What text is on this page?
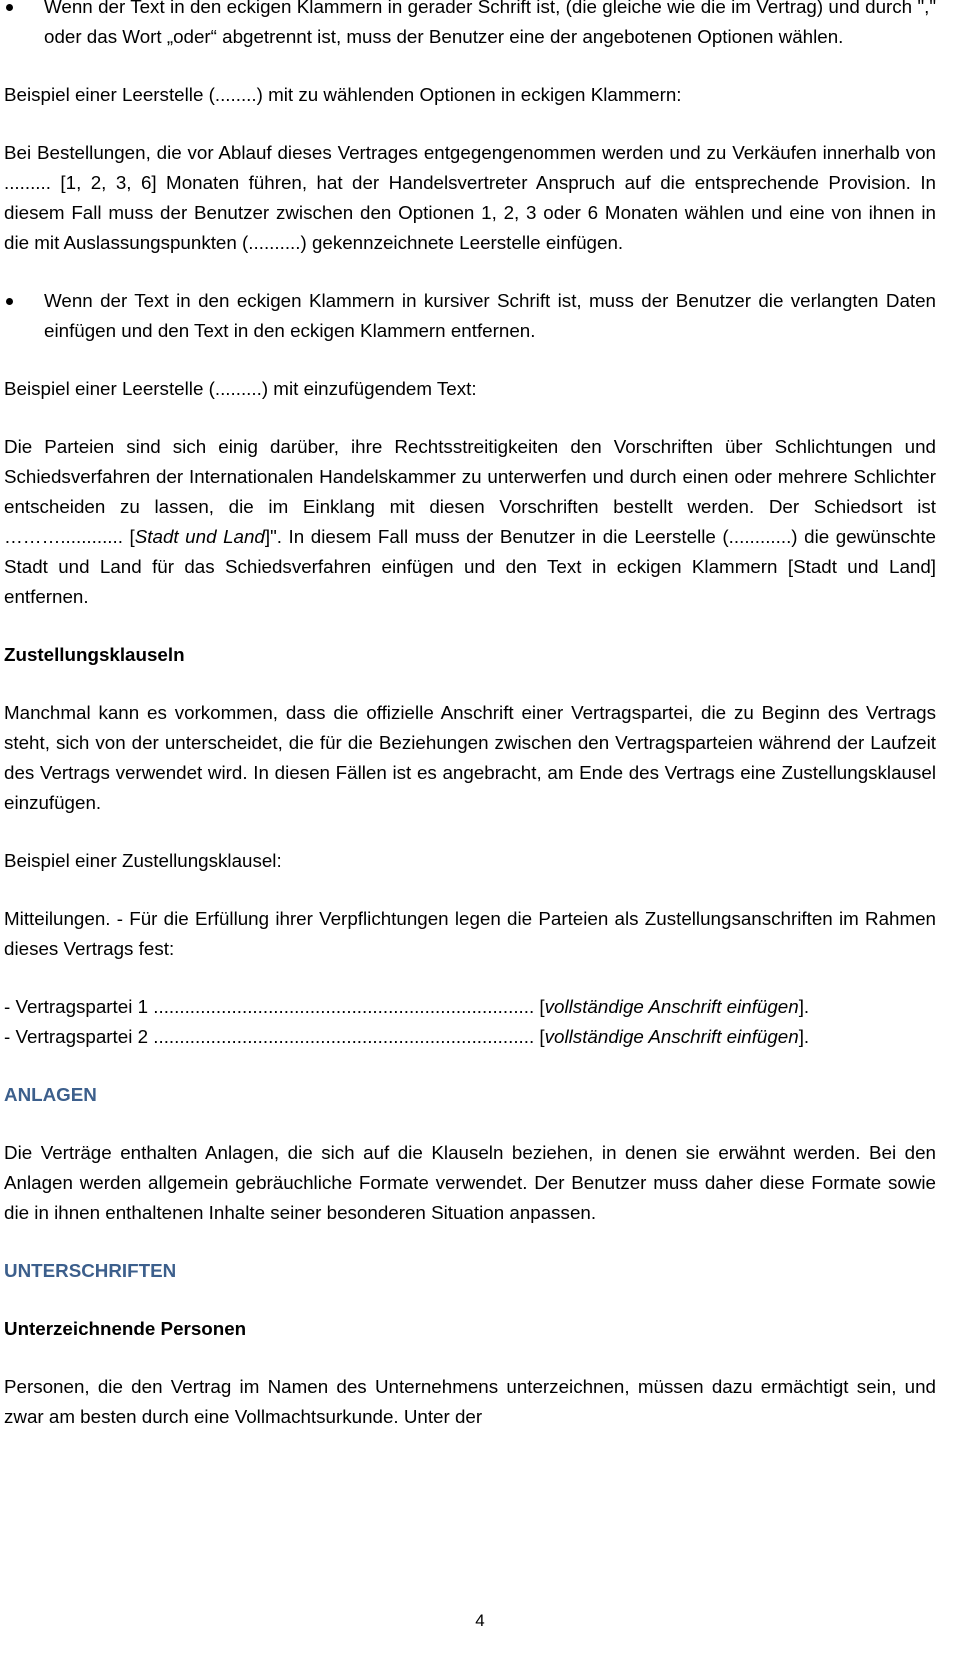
Wenn der Text in den eckigen Klammern in gerader Schrift ist, (die gleiche wie die im Vertrag) und durch "," oder das Wort „oder“ abgetrennt ist, muss der Benutzer eine der angebotenen Optionen wählen.

Beispiel einer Leerstelle (........) mit zu wählenden Optionen in eckigen Klammern:

Bei Bestellungen, die vor Ablauf dieses Vertrages entgegengenommen werden und zu Verkäufen innerhalb von ......... [1, 2, 3, 6] Monaten führen, hat der Handelsvertreter Anspruch auf die entsprechende Provision. In diesem Fall muss der Benutzer zwischen den Optionen 1, 2, 3 oder 6 Monaten wählen und eine von ihnen in die mit Auslassungspunkten (..........) gekennzeichnete Leerstelle einfügen.

Wenn der Text in den eckigen Klammern in kursiver Schrift ist, muss der Benutzer die verlangten Daten einfügen und den Text in den eckigen Klammern entfernen.

Beispiel einer Leerstelle (.........) mit einzufügendem Text:

Die Parteien sind sich einig darüber, ihre Rechtsstreitigkeiten den Vorschriften über Schlichtungen und Schiedsverfahren der Internationalen Handelskammer zu unterwerfen und durch einen oder mehrere Schlichter entscheiden zu lassen, die im Einklang mit diesen Vorschriften bestellt werden. Der Schiedsort ist ………............ [Stadt und Land]". In diesem Fall muss der Benutzer in die Leerstelle (............) die gewünschte Stadt und Land für das Schiedsverfahren einfügen und den Text in eckigen Klammern [Stadt und Land] entfernen.

Zustellungsklauseln

Manchmal kann es vorkommen, dass die offizielle Anschrift einer Vertragspartei, die zu Beginn des Vertrags steht, sich von der unterscheidet, die für die Beziehungen zwischen den Vertragsparteien während der Laufzeit des Vertrags verwendet wird. In diesen Fällen ist es angebracht, am Ende des Vertrags eine Zustellungsklausel einzufügen.

Beispiel einer Zustellungsklausel:

Mitteilungen. - Für die Erfüllung ihrer Verpflichtungen legen die Parteien als Zustellungsanschriften im Rahmen dieses Vertrags fest:

- Vertragspartei 1 ......................................................................... [vollständige Anschrift einfügen].

- Vertragspartei 2 ......................................................................... [vollständige Anschrift einfügen].

ANLAGEN

Die Verträge enthalten Anlagen, die sich auf die Klauseln beziehen, in denen sie erwähnt werden. Bei den Anlagen werden allgemein gebräuchliche Formate verwendet. Der Benutzer muss daher diese Formate sowie die in ihnen enthaltenen Inhalte seiner besonderen Situation anpassen.

UNTERSCHRIFTEN
Unterzeichnende Personen

Personen, die den Vertrag im Namen des Unternehmens unterzeichnen, müssen dazu ermächtigt sein, und zwar am besten durch eine Vollmachtsurkunde. Unter der

4
